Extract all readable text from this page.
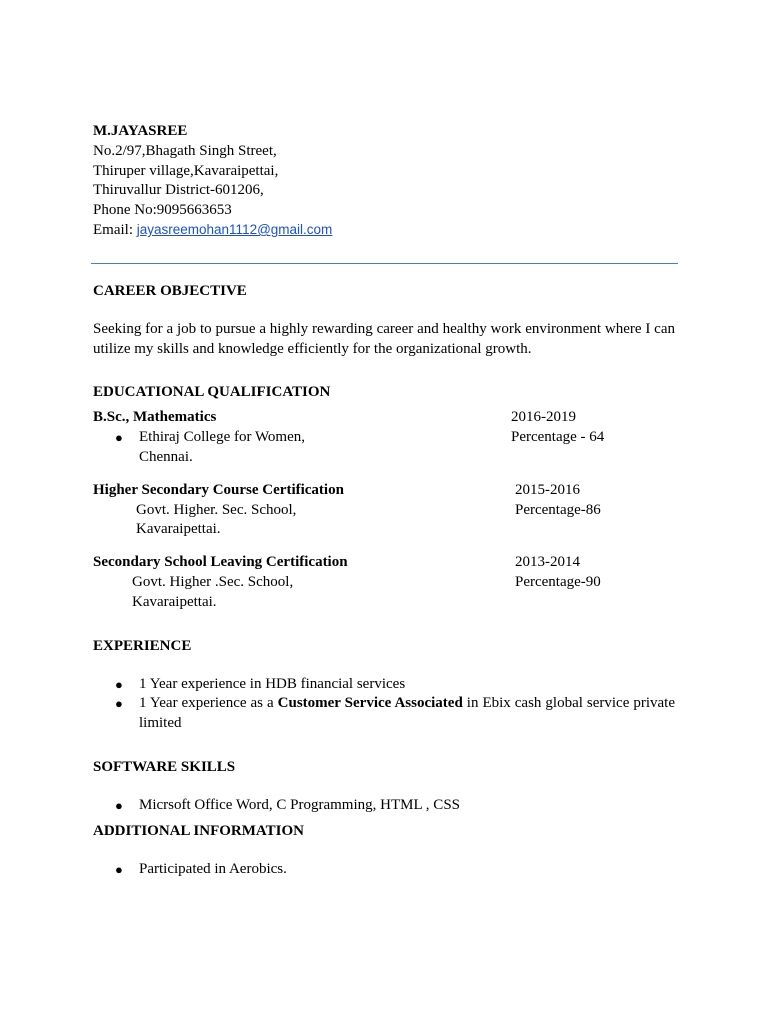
M.JAYASREE
No.2/97,Bhagath Singh Street,
Thiruper village,Kavaraipettai,
Thiruvallur District-601206,
Phone No:9095663653
Email: jayasreemohan1112@gmail.com
CAREER OBJECTIVE
Seeking for a job to pursue a highly rewarding career and healthy work environment where I can utilize my skills and knowledge efficiently for the organizational growth.
EDUCATIONAL QUALIFICATION
B.Sc., Mathematics	2016-2019
● Ethiraj College for Women,	Percentage - 64
Chennai.
Higher Secondary Course Certification	2015-2016
Govt. Higher. Sec. School,	Percentage-86
Kavaraipettai.
Secondary School Leaving Certification	2013-2014
Govt. Higher .Sec. School,	Percentage-90
Kavaraipettai.
EXPERIENCE
● 1 Year experience in HDB financial services
● 1 Year experience as a Customer Service Associated in Ebix cash global service private limited
SOFTWARE SKILLS
● Micrsoft Office Word, C Programming, HTML , CSS
ADDITIONAL INFORMATION
● Participated in Aerobics.
